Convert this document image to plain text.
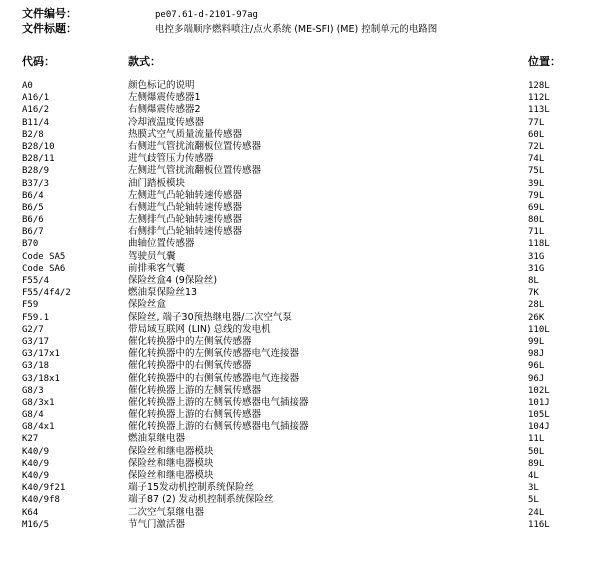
文件编号：	pe07.61-d-2101-97ag
文件标题：	电控多端顺序燃料喷注/点火系统 (ME-SFI) (ME) 控制单元的电路图
代码：	款式：	位置：
A0	颜色标记的说明	128L
A16/1	左侧爆震传感器1	112L
A16/2	右侧爆震传感器2	113L
B11/4	冷却液温度传感器	77L
B2/8	热膜式空气质量流量传感器	60L
B28/10	右侧进气管扰流翻板位置传感器	72L
B28/11	进气歧管压力传感器	74L
B28/9	左侧进气管扰流翻板位置传感器	75L
B37/3	油门踏板模块	39L
B6/4	左侧进气凸轮轴转速传感器	79L
B6/5	右侧进气凸轮轴转速传感器	69L
B6/6	左侧排气凸轮轴转速传感器	80L
B6/7	右侧排气凸轮轴转速传感器	71L
B70	曲轴位置传感器	118L
Code SA5	驾驶员气囊	31G
Code SA6	前排乘客气囊	31G
F55/4	保险丝盒4 (9保险丝)	8L
F55/4f4/2	燃油泵保险丝13	7K
F59	保险丝盒	28L
F59.1	保险丝, 端子30预热继电器/二次空气泵	26K
G2/7	带局域互联网 (LIN) 总线的发电机	110L
G3/17	催化转换器中的左侧氧传感器	99L
G3/17x1	催化转换器中的左侧氧传感器电气连接器	98J
G3/18	催化转换器中的右侧氧传感器	96L
G3/18x1	催化转换器中的右侧氧传感器电气连接器	96J
G8/3	催化转换器上游的左侧氧传感器	102L
G8/3x1	催化转换器上游的左侧氧传感器电气插接器	101J
G8/4	催化转换器上游的右侧氧传感器	105L
G8/4x1	催化转换器上游的右侧氧传感器电气插接器	104J
K27	燃油泵继电器	11L
K40/9	保险丝和继电器模块	50L
K40/9	保险丝和继电器模块	89L
K40/9	保险丝和继电器模块	4L
K40/9f21	端子15发动机控制系统保险丝	3L
K40/9f8	端子87 (2) 发动机控制系统保险丝	5L
K64	二次空气泵继电器	24L
M16/5	节气门激活器	116L
